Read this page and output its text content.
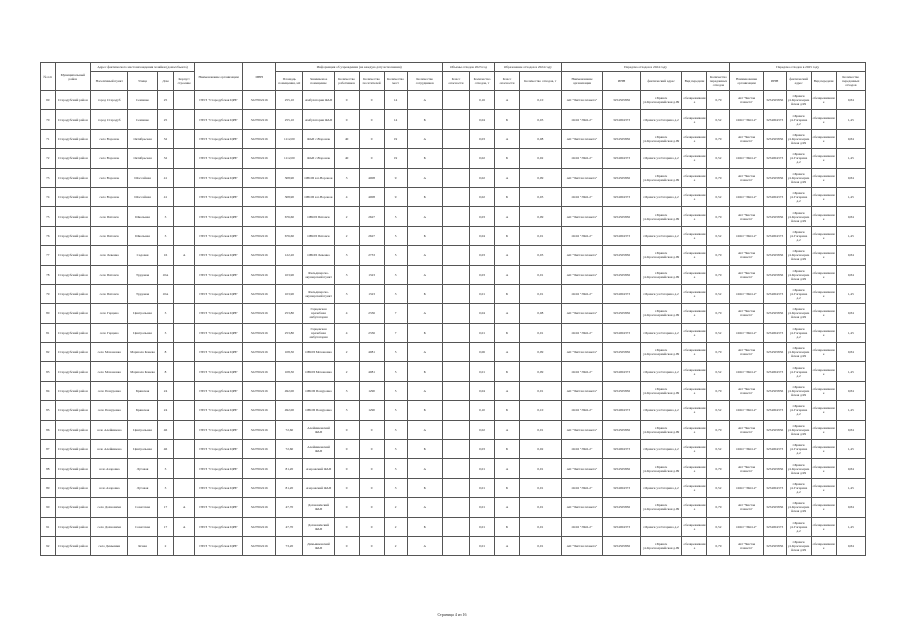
№ п/п	Муниципальный район	Адрес фактического местонахождения хозяйки (дома/объекта)				Наименование организации	ИНН	Информация об учреждении (на каждую дату исполнения)						Объемы отходов 2023 год		Образование отходов в 2024 году		Передача отходов в 2024 году					Передача отходов в 2025 году				
		Населённый пункт	Улица	Дом	Корпус/строение			Площадь помещения, м2	Занимаемое помещение	Количество работников	Количество посетителей	Количество мест	Количество сотрудников	Класс опасности	Количество отходов, т	Класс опасности	Количество отходов, т	Наименование организации	ИНН	фактический адрес	Вид передачи	Количество переданных отходов	Наименование организации	ИНН	фактический адрес	Вид передачи	Количество переданных отходов
69	Стародубский район	город Стародуб	Семашко	25		ГБУЗ "Стародубская ЦРБ"	3227002216	255,10	Амбулатория ФАП	0	0	14	А		0,16	А	0,10	АО "Чистая планета"	3254505836	г.Брянск ул.Красноармейская д.99	обезвреживание	0,79	АО "Чистая планета"	3254505836	г.Брянск ул.Красноармейская д.99	обезвреживание	0,84
70	Стародубский район	город Стародуб	Семашко	25		ГБУЗ "Стародубская ЦРБ"	3227002216	255,10	Амбулатория ФАП	0	0	14	Б		0,04	Б	0,03	ООО "ЭКО-2"	3254004373	г.Брянск ул.Гагарина д.2	обезвреживание	0,52	ООО "ЭКО-2"	3254004373	г.Брянск ул.Гагарина д.2	обезвреживание	1,45
71	Стародубский район	село Воронок	Октябрьская	32		ГБУЗ "Стародубская ЦРБ"	3227002216	1112,00	ФАП с.Воронок	40	0	19	А		0,03	А	0,08	АО "Чистая планета"	3254505836	г.Брянск ул.Красноармейская д.99	обезвреживание	0,79	АО "Чистая планета"	3254505836	г.Брянск ул.Красноармейская д.99	обезвреживание	0,84
72	Стародубский район	село Воронок	Октябрьская	32		ГБУЗ "Стародубская ЦРБ"	3227002216	1112,00	ФАП с.Воронок	40	0	19	Б		0,02	Б	0,02	ООО "ЭКО-2"	3254004373	г.Брянск ул.Гагарина д.2	обезвреживание	0,52	ООО "ЭКО-2"	3254004373	г.Брянск ул.Гагарина д.2	обезвреживание	1,45
73	Стародубский район	село Воронок	Шоссейная	41		ГБУЗ "Стародубская ЦРБ"	3227002216	308,90	ОВОП в п.Воронок	3	4008	9	А		0,02	А	0,09	АО "Чистая планета"	3254505836	г.Брянск ул.Красноармейская д.99	обезвреживание	0,79	АО "Чистая планета"	3254505836	г.Брянск ул.Красноармейская д.99	обезвреживание	0,84
74	Стародубский район	село Воронок	Шоссейная	41		ГБУЗ "Стародубская ЦРБ"	3227002216	308,90	ОВОП в п.Воронок	4	4008	9	Б		0,02	Б	0,03	ООО "ЭКО-2"	3254004373	г.Брянск ул.Гагарина д.2	обезвреживание	0,52	ООО "ЭКО-2"	3254004373	г.Брянск ул.Гагарина д.2	обезвреживание	1,45
75	Стародубский район	село Пятовск	Школьная	3		ГБУЗ "Стародубская ЦРБ"	3227002216	676,60	ОВОП Пятовск	2	2627	5	А		0,03	А	0,09	АО "Чистая планета"	3254505836	г.Брянск ул.Красноармейская д.99	обезвреживание	0,79	АО "Чистая планета"	3254505836	г.Брянск ул.Красноармейская д.99	обезвреживание	0,84
76	Стародубский район	село Пятовск	Школьная	3		ГБУЗ "Стародубская ЦРБ"	3227002216	676,60	ОВОП Пятовск	2	2627	5	Б		0,04	Б	0,01	ООО "ЭКО-2"	3254004373	г.Брянск ул.Гагарина д.2	обезвреживание	0,52	ООО "ЭКО-2"	3254004373	г.Брянск ул.Гагарина д.2	обезвреживание	1,45
77	Стародубский район	село Левенка	Садовая	16	А	ГБУЗ "Стародубская ЦРБ"	3227002216	122,20	ОВОП Левенка	3	2733	5	А		0,03	А	0,03	АО "Чистая планета"	3254505836	г.Брянск ул.Красноармейская д.99	обезвреживание	0,79	АО "Чистая планета"	3254505836	г.Брянск ул.Красноармейская д.99	обезвреживание	0,84
78	Стародубский район	село Пятовск	Трудовая	10А		ГБУЗ "Стародубская ЦРБ"	3227002216	103,90	Фельдшерско-акушерский пункт	3	1323	3	А		0,03	А	0,01	АО "Чистая планета"	3254505836	г.Брянск ул.Красноармейская д.99	обезвреживание	0,79	АО "Чистая планета"	3254505836	г.Брянск ул.Красноармейская д.99	обезвреживание	0,84
79	Стародубский район	село Пятовск	Трудовая	10А		ГБУЗ "Стародубская ЦРБ"	3227002216	103,90	Фельдшерско-акушерский пункт	3	1323	3	Б		0,01	Б	0,01	ООО "ЭКО-2"	3254004373	г.Брянск ул.Гагарина д.2	обезвреживание	0,52	ООО "ЭКО-2"	3254004373	г.Брянск ул.Гагарина д.2	обезвреживание	1,45
80	Стародубский район	село Гарцево	Центральная	3		ГБУЗ "Стародубская ЦРБ"	3227002216	253,80	Гарцевская врачебная амбулатория	4	2336	7	А		0,04	А	0,08	АО "Чистая планета"	3254505836	г.Брянск ул.Красноармейская д.99	обезвреживание	0,79	АО "Чистая планета"	3254505836	г.Брянск ул.Красноармейская д.99	обезвреживание	0,84
81	Стародубский район	село Гарцево	Центральная	3		ГБУЗ "Стародубская ЦРБ"	3227002216	253,80	Гарцевская врачебная амбулатория	4	2336	7	Б		0,01	Б	0,01	ООО "ЭКО-2"	3254004373	г.Брянск ул.Гагарина д.2	обезвреживание	0,52	ООО "ЭКО-2"	3254004373	г.Брянск ул.Гагарина д.2	обезвреживание	1,45
82	Стародубский район	село Мохоновка	Маршала Конева	8		ГБУЗ "Стародубская ЦРБ"	3227002216	108,30	ОВОП Мохоновка	2	4081	5	А		0,06	А	0,09	АО "Чистая планета"	3254505836	г.Брянск ул.Красноармейская д.99	обезвреживание	0,79	АО "Чистая планета"	3254505836	г.Брянск ул.Красноармейская д.99	обезвреживание	0,84
83	Стародубский район	село Мохоновка	Маршала Конева	8		ГБУЗ "Стародубская ЦРБ"	3227002216	108,30	ОВОП Мохоновка	2	4081	5	Б		0,01	Б	0,09	ООО "ЭКО-2"	3254004373	г.Брянск ул.Гагарина д.2	обезвреживание	0,52	ООО "ЭКО-2"	3254004373	г.Брянск ул.Гагарина д.2	обезвреживание	1,45
84	Стародубский район	село Понуровка	Брянская	24		ГБУЗ "Стародубская ЦРБ"	3227002216	492,00	ОВОП Понуровка	3	1290	5	А		0,04	А	0,01	АО "Чистая планета"	3254505836	г.Брянск ул.Красноармейская д.99	обезвреживание	0,79	АО "Чистая планета"	3254505836	г.Брянск ул.Красноармейская д.99	обезвреживание	0,84
85	Стародубский район	село Понуровка	Брянская	24		ГБУЗ "Стародубская ЦРБ"	3227002216	492,00	ОВОП Понуровка	3	1290	5	Б		0,10	Б	0,10	ООО "ЭКО-2"	3254004373	г.Брянск ул.Гагарина д.2	обезвреживание	0,52	ООО "ЭКО-2"	3254004373	г.Брянск ул.Гагарина д.2	обезвреживание	1,45
86	Стародубский район	село Алейниково	Центральная	46		ГБУЗ "Стародубская ЦРБ"	3227002216	72,60	Алейниковский ФАП	0	0	3	А		0,02	А	0,01	АО "Чистая планета"	3254505836	г.Брянск ул.Красноармейская д.99	обезвреживание	0,79	АО "Чистая планета"	3254505836	г.Брянск ул.Красноармейская д.99	обезвреживание	0,84
87	Стародубский район	село Алейниково	Центральная	46		ГБУЗ "Стародубская ЦРБ"	3227002216	72,60	Алейниковский ФАП	0	0	3	Б		0,03	Б	0,02	ООО "ЭКО-2"	3254004373	г.Брянск ул.Гагарина д.2	обезвреживание	0,52	ООО "ЭКО-2"	3254004373	г.Брянск ул.Гагарина д.2	обезвреживание	1,45
88	Стародубский район	село Азаровка	Луговая	3		ГБУЗ "Стародубская ЦРБ"	3227002216	81,20	Азаровский ФАП	0	0	3	А		0,01	А	0,01	АО "Чистая планета"	3254505836	г.Брянск ул.Красноармейская д.99	обезвреживание	0,79	АО "Чистая планета"	3254505836	г.Брянск ул.Красноармейская д.99	обезвреживание	0,84
89	Стародубский район	село Азаровка	Луговая	3		ГБУЗ "Стародубская ЦРБ"	3227002216	81,20	Азаровский ФАП	0	0	3	Б		0,01	Б	0,01	ООО "ЭКО-2"	3254004373	г.Брянск ул.Гагарина д.2	обезвреживание	0,52	ООО "ЭКО-2"	3254004373	г.Брянск ул.Гагарина д.2	обезвреживание	1,45
90	Стародубский район	село Дохновичи	Советская	17	А	ГБУЗ "Стародубская ЦРБ"	3227002216	47,70	Дохновичский ФАП	0	0	2	А		0,01	А	0,01	АО "Чистая планета"	3254505836	г.Брянск ул.Красноармейская д.99	обезвреживание	0,79	АО "Чистая планета"	3254505836	г.Брянск ул.Красноармейская д.99	обезвреживание	0,84
91	Стародубский район	село Дохновичи	Советская	17	А	ГБУЗ "Стародубская ЦРБ"	3227002216	47,70	Дохновичский ФАП	0	0	2	Б		0,01	Б	0,01	ООО "ЭКО-2"	3254004373	г.Брянск ул.Гагарина д.2	обезвреживание	0,52	ООО "ЭКО-2"	3254004373	г.Брянск ул.Гагарина д.2	обезвреживание	1,45
92	Стародубский район	село Демьянки	Ясная	2		ГБУЗ "Стародубская ЦРБ"	3227002216	73,20	Демьянковский ФАП	0	0	2	А		0,01	А	0,01	АО "Чистая планета"	3254505836	г.Брянск ул.Красноармейская д.99	обезвреживание	0,79	АО "Чистая планета"	3254505836	г.Брянск ул.Красноармейская д.99	обезвреживание	0,84
Страница 4 из 16
